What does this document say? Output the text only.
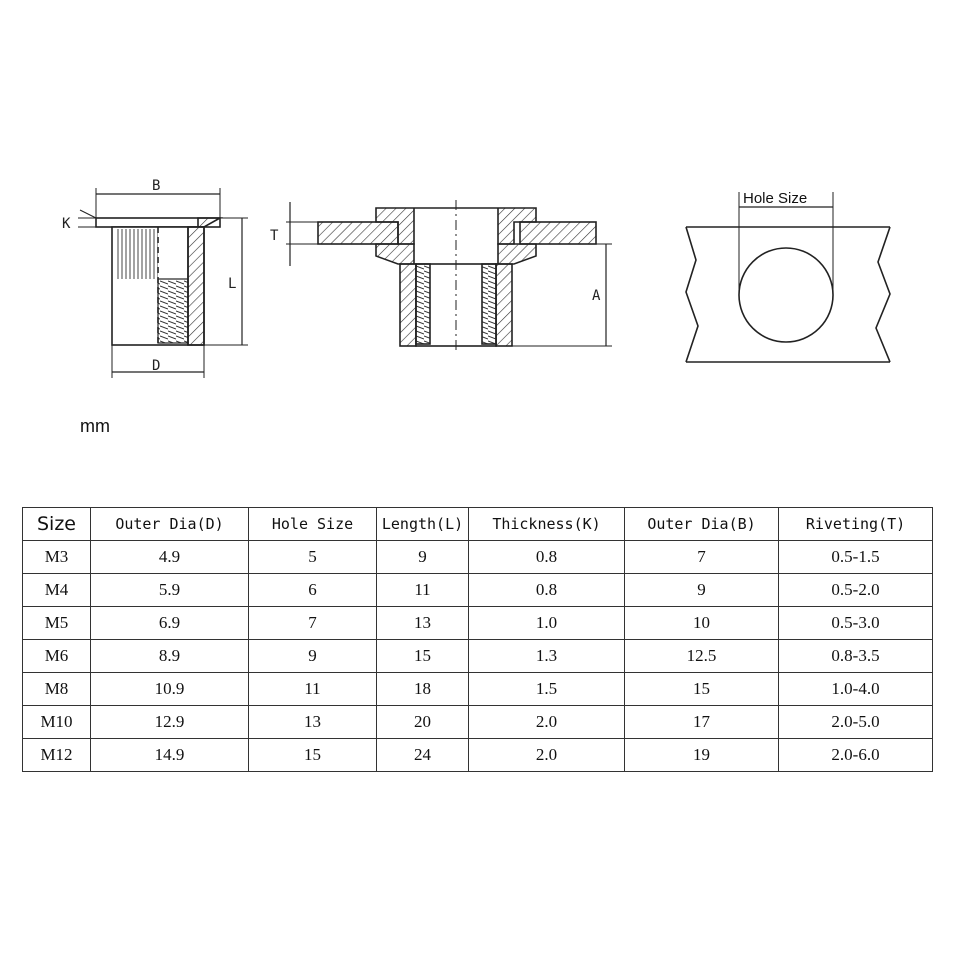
B
K
L
D
T
A
Hole Size
mm
Size	Outer Dia(D)	Hole Size	Length(L)	Thickness(K)	Outer Dia(B)	Riveting(T)
M3	4.9	5	9	0.8	7	0.5-1.5
M4	5.9	6	11	0.8	9	0.5-2.0
M5	6.9	7	13	1.0	10	0.5-3.0
M6	8.9	9	15	1.3	12.5	0.8-3.5
M8	10.9	11	18	1.5	15	1.0-4.0
M10	12.9	13	20	2.0	17	2.0-5.0
M12	14.9	15	24	2.0	19	2.0-6.0
